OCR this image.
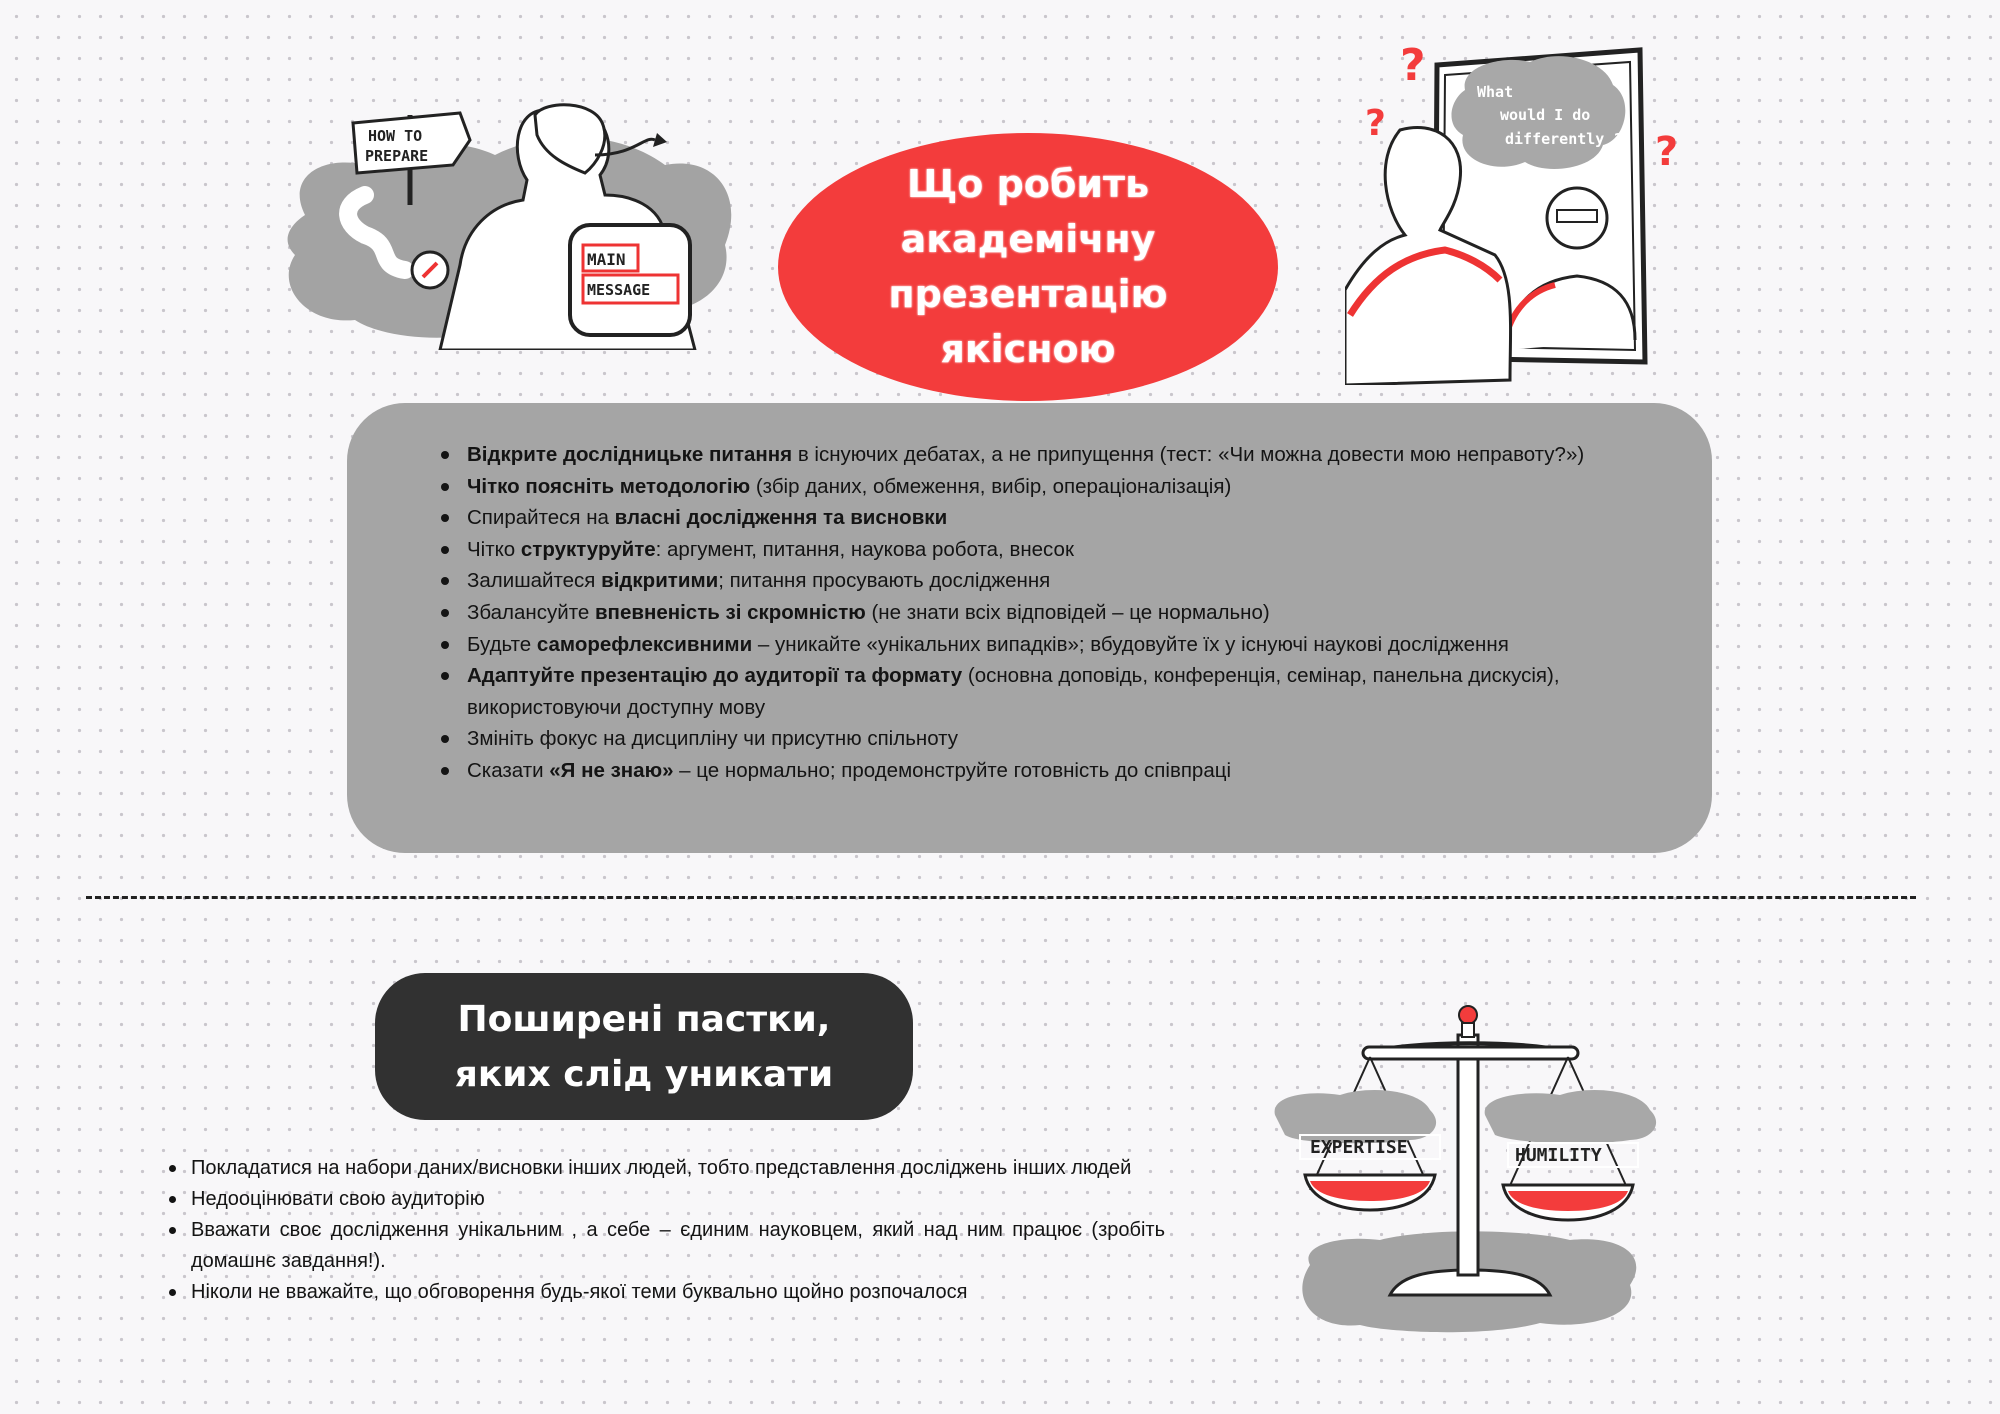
HOW TO
PREPARE
MAIN
MESSAGE
Що робить академічну презентацію якісною
?
?
?
What
would I do
differently ?
Відкрите дослідницьке питання в існуючих дебатах, а не припущення (тест: «Чи можна довести мою неправоту?»)
Чітко поясніть методологію (збір даних, обмеження, вибір, операціоналізація)
Спирайтеся на власні дослідження та висновки
Чітко структуруйте: аргумент, питання, наукова робота, внесок
Залишайтеся відкритими; питання просувають дослідження
Збалансуйте впевненість зі скромністю (не знати всіх відповідей – це нормально)
Будьте саморефлексивними – уникайте «унікальних випадків»; вбудовуйте їх у існуючі наукові дослідження
Адаптуйте презентацію до аудиторії та формату (основна доповідь, конференція, семінар, панельна дискусія), використовуючи доступну мову
Змініть фокус на дисципліну чи присутню спільноту
Сказати «Я не знаю» – це нормально; продемонструйте готовність до співпраці
Поширені пастки, яких слід уникати
Покладатися на набори даних/висновки інших людей, тобто представлення досліджень інших людей
Недооцінювати свою аудиторію
Вважати своє дослідження унікальним , а себе – єдиним науковцем, який над ним працює (зробіть домашнє завдання!).
Ніколи не вважайте, що обговорення будь-якої теми буквально щойно розпочалося
EXPERTISE	HUMILITY
